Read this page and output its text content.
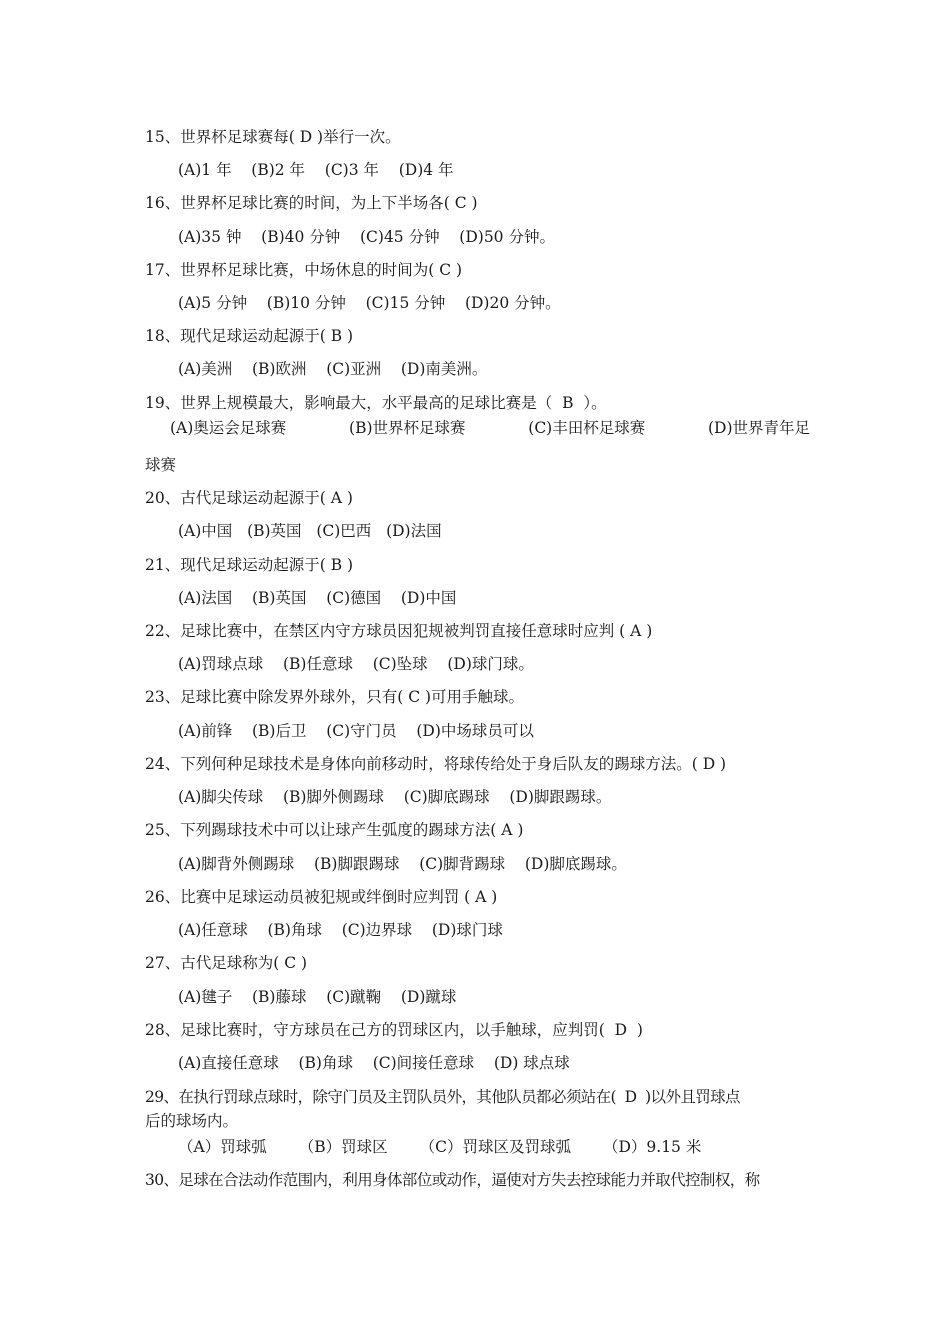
15、世界杯足球赛每( D )举行一次。
(A)1 年    (B)2 年    (C)3 年    (D)4 年
16、世界杯足球比赛的时间，为上下半场各( C )
(A)35 钟    (B)40 分钟    (C)45 分钟    (D)50 分钟。
17、世界杯足球比赛，中场休息的时间为( C )
(A)5 分钟    (B)10 分钟    (C)15 分钟    (D)20 分钟。
18、现代足球运动起源于( B )
(A)美洲    (B)欧洲    (C)亚洲    (D)南美洲。
19、世界上规模最大，影响最大，水平最高的足球比赛是（  B  ）。
(A)奥运会足球赛	(B)世界杯足球赛	(C)丰田杯足球赛	(D)世界青年足
球赛
20、古代足球运动起源于( A )
(A)中国   (B)英国   (C)巴西   (D)法国
21、现代足球运动起源于( B )
(A)法国    (B)英国    (C)德国    (D)中国
22、足球比赛中，在禁区内守方球员因犯规被判罚直接任意球时应判 ( A )
(A)罚球点球    (B)任意球    (C)坠球    (D)球门球。
23、足球比赛中除发界外球外，只有( C )可用手触球。
(A)前锋    (B)后卫    (C)守门员    (D)中场球员可以
24、下列何种足球技术是身体向前移动时，将球传给处于身后队友的踢球方法。( D )
(A)脚尖传球    (B)脚外侧踢球    (C)脚底踢球    (D)脚跟踢球。
25、下列踢球技术中可以让球产生弧度的踢球方法( A )
(A)脚背外侧踢球    (B)脚跟踢球    (C)脚背踢球    (D)脚底踢球。
26、比赛中足球运动员被犯规或绊倒时应判罚 ( A )
(A)任意球    (B)角球    (C)边界球    (D)球门球
27、古代足球称为( C )
(A)毽子    (B)藤球    (C)蹴鞠    (D)蹴球
28、足球比赛时，守方球员在己方的罚球区内，以手触球，应判罚(  D  )
(A)直接任意球    (B)角球    (C)间接任意球    (D) 球点球
29、在执行罚球点球时，除守门员及主罚队员外，其他队员都必须站在(  D  )以外且罚球点
后的球场内。
（A）罚球弧 （B）罚球区 （C）罚球区及罚球弧 （D）9.15 米
30、足球在合法动作范围内，利用身体部位或动作，逼使对方失去控球能力并取代控制权，称
